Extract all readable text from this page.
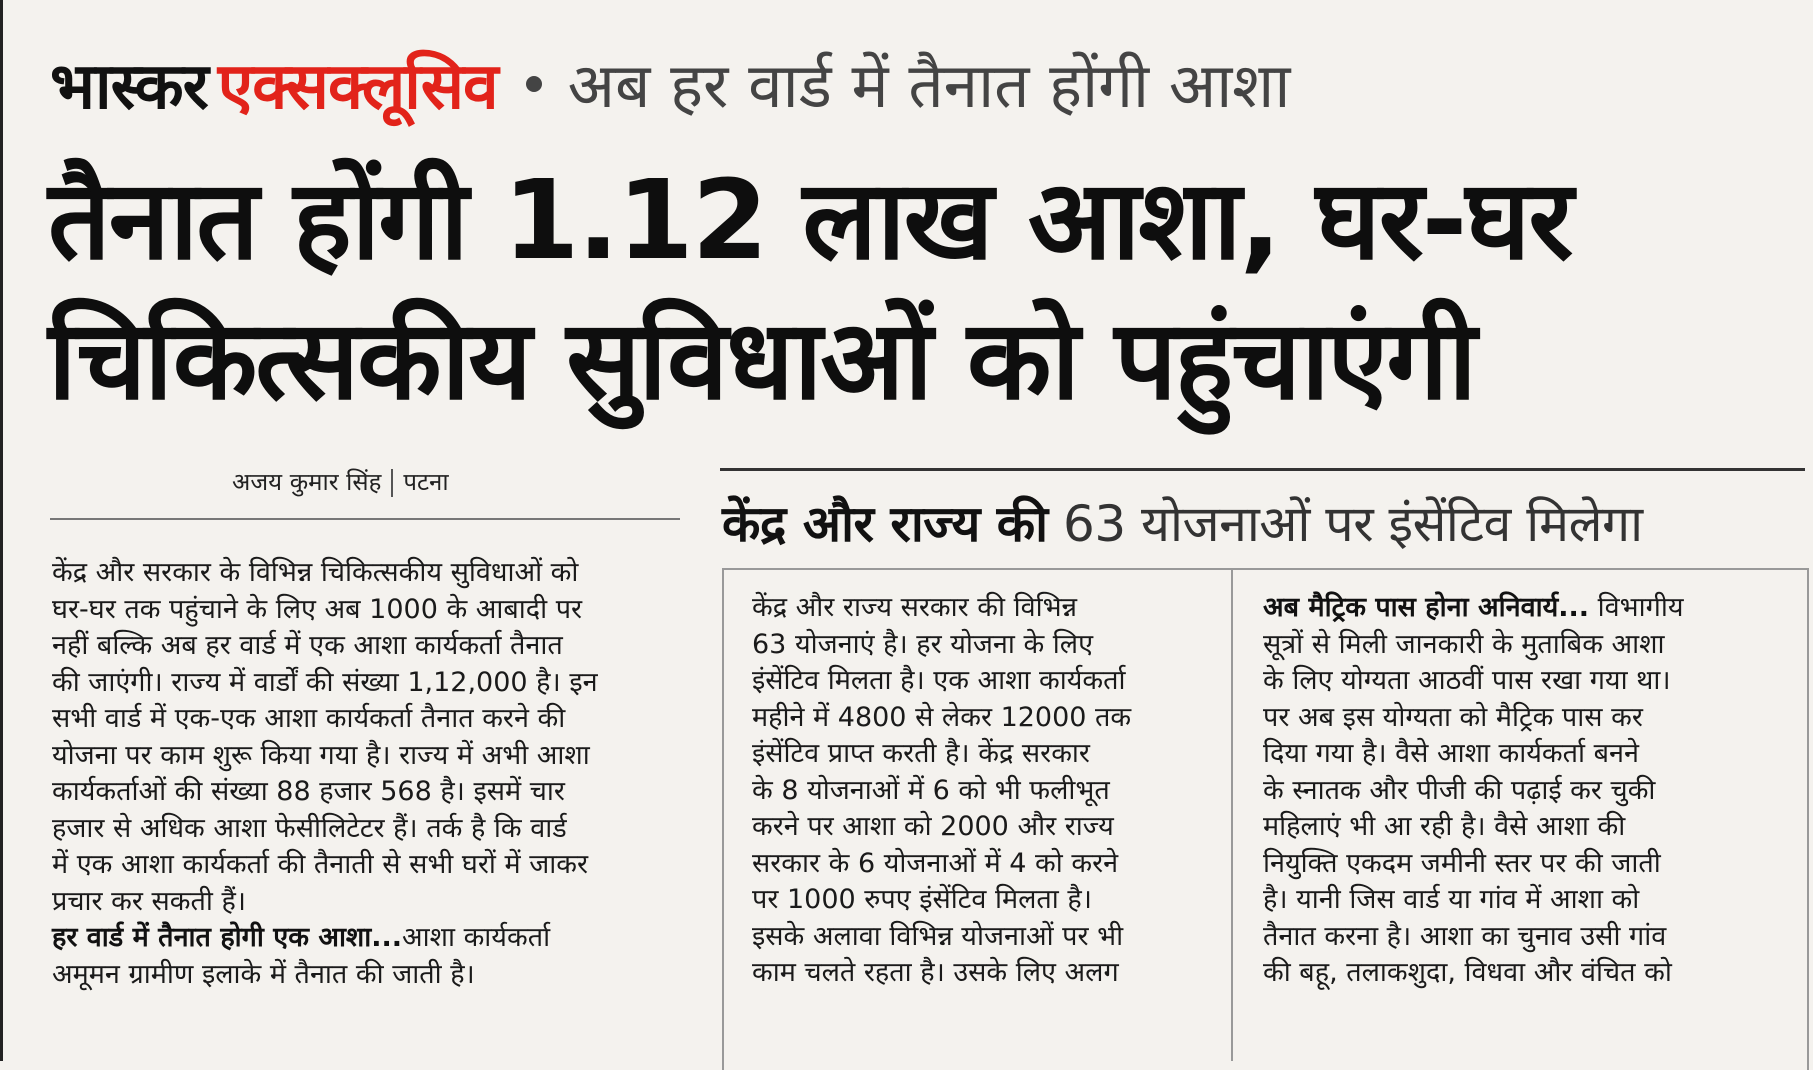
भास्कर एक्सक्लूसिव अब हर वार्ड में तैनात होंगी आशा
तैनात होंगी 1.12 लाख आशा, घर-घर
चिकित्सकीय सुविधाओं को पहुंचाएंगी
अजय कुमार सिंह पटना
केंद्र और राज्य की 63 योजनाओं पर इंसेंटिव मिलेगा

केंद्र और सरकार के विभिन्न चिकित्सकीय सुविधाओं को

घर-घर तक पहुंचाने के लिए अब 1000 के आबादी पर

नहीं बल्कि अब हर वार्ड में एक आशा कार्यकर्ता तैनात

की जाएंगी। राज्य में वार्डों की संख्या 1,12,000 है। इन

सभी वार्ड में एक-एक आशा कार्यकर्ता तैनात करने की

योजना पर काम शुरू किया गया है। राज्य में अभी आशा

कार्यकर्ताओं की संख्या 88 हजार 568 है। इसमें चार

हजार से अधिक आशा फेसीलिटेटर हैं। तर्क है कि वार्ड

में एक आशा कार्यकर्ता की तैनाती से सभी घरों में जाकर

प्रचार कर सकती हैं।

हर वार्ड में तैनात होगी एक आशा...आशा कार्यकर्ता

अमूमन ग्रामीण इलाके में तैनात की जाती है।

केंद्र और राज्य सरकार की विभिन्न

63 योजनाएं है। हर योजना के लिए

इंसेंटिव मिलता है। एक आशा कार्यकर्ता

महीने में 4800 से लेकर 12000 तक

इंसेंटिव प्राप्त करती है। केंद्र सरकार

के 8 योजनाओं में 6 को भी फलीभूत

करने पर आशा को 2000 और राज्य

सरकार के 6 योजनाओं में 4 को करने

पर 1000 रुपए इंसेंटिव मिलता है।

इसके अलावा विभिन्न योजनाओं पर भी

काम चलते रहता है। उसके लिए अलग

अब मैट्रिक पास होना अनिवार्य... विभागीय

सूत्रों से मिली जानकारी के मुताबिक आशा

के लिए योग्यता आठवीं पास रखा गया था।

पर अब इस योग्यता को मैट्रिक पास कर

दिया गया है। वैसे आशा कार्यकर्ता बनने

के स्नातक और पीजी की पढ़ाई कर चुकी

महिलाएं भी आ रही है। वैसे आशा की

नियुक्ति एकदम जमीनी स्तर पर की जाती

है। यानी जिस वार्ड या गांव में आशा को

तैनात करना है। आशा का चुनाव उसी गांव

की बहू, तलाकशुदा, विधवा और वंचित को
